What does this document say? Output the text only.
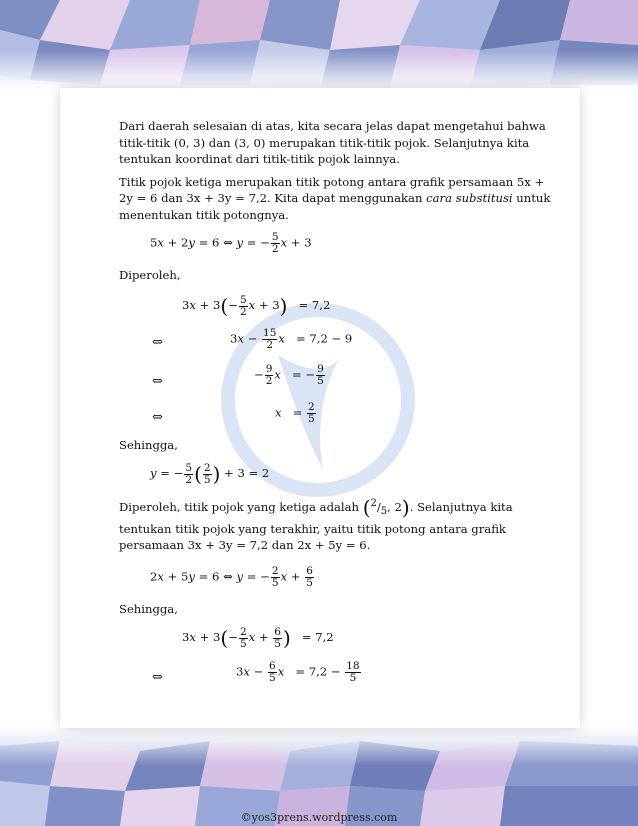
Dari daerah selesaian di atas, kita secara jelas dapat mengetahui bahwa titik-titik (0, 3) dan (3, 0) merupakan titik-titik pojok. Selanjutnya kita tentukan koordinat dari titik-titik pojok lainnya.

Titik pojok ketiga merupakan titik potong antara grafik persamaan 5x + 2y = 6 dan 3x + 3y = 7,2. Kita dapat menggunakan cara substitusi untuk menentukan titik potongnya.

5x + 2y = 6 ⇔ y = − $\frac{5}{2}$ x + 3
Diperoleh,
$3x + 3(- \frac{5}{2}$ x + 3)   = 7,2
⇔	$3x - \frac{15}{2}$ x   = 7,2 − 9
⇔	− $\frac{9}{2}$ x   = − $\frac{9}{5}$
⇔	$x = \frac{2}{5}$
Sehingga,
y = − $\frac{5}{2}$ ( $\frac{2}{5}$ ) + 3 = 2

Diperoleh, titik pojok yang ketiga adalah ($^2/_5$, 2). Selanjutnya kita tentukan titik pojok yang terakhir, yaitu titik potong antara grafik persamaan 3x + 3y = 7,2 dan 2x + 5y = 6.

2x + 5y = 6 ⇔ y = − $\frac{2}{5}$ $x + \frac{6}{5}$
Sehingga,
$3x + 3(- \frac{2}{5}$ $x + \frac{6}{5}$ )   = 7,2
⇔	$3x - \frac{6}{5}$ $x = 7,2 - \frac{18}{5}$
©yos3prens.wordpress.com
